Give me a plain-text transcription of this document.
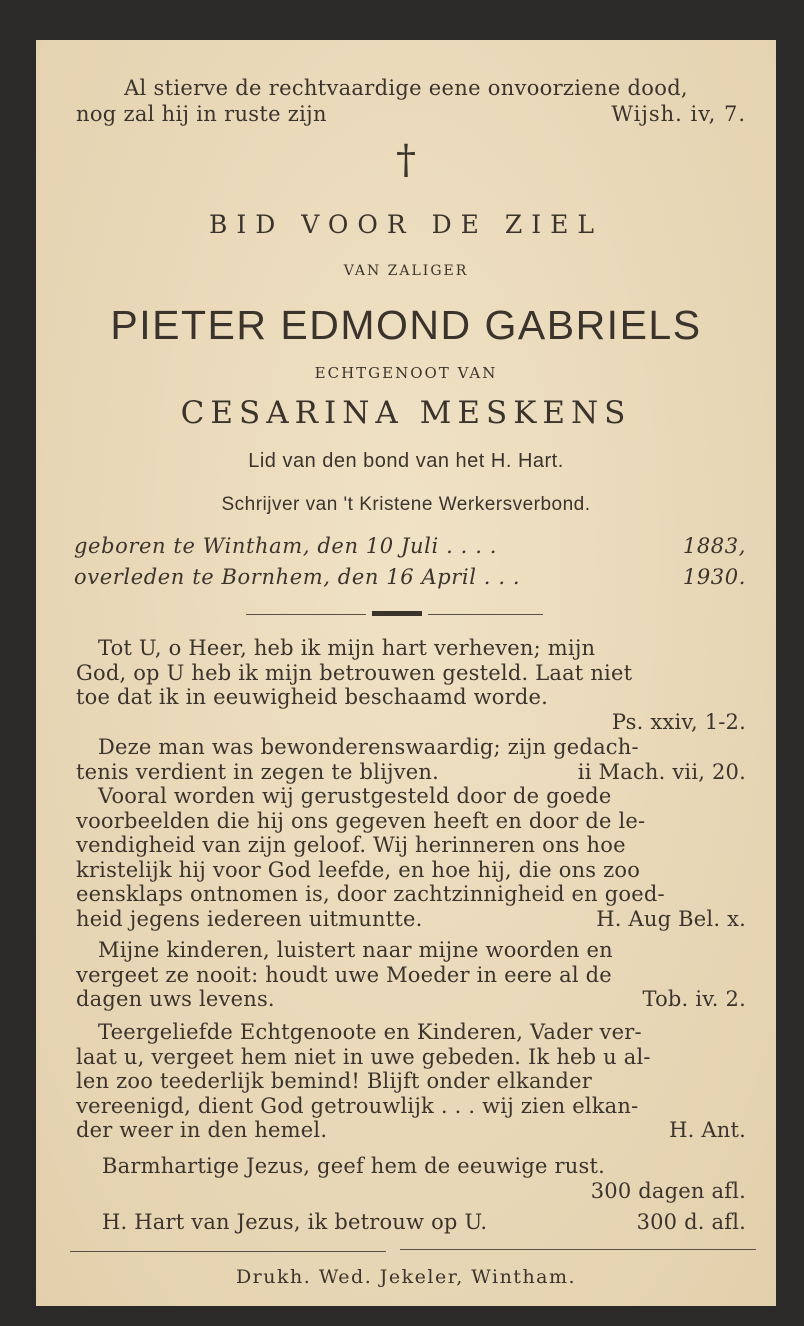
Al stierve de rechtvaardige eene onvoorziene dood,
nog zal hij in ruste zijn	Wijsh. iv, 7.
†
BID VOOR DE ZIEL
VAN ZALIGER
PIETER EDMOND GABRIELS
ECHTGENOOT VAN
CESARINA MESKENS
Lid van den bond van het H. Hart.
Schrijver van 't Kristene Werkersverbond.
geboren te Wintham, den 10 Juli . . . .	1883,
overleden te Bornhem, den 16 April . . .	1930.
Tot U, o Heer, heb ik mijn hart verheven; mijn
God, op U heb ik mijn betrouwen gesteld. Laat niet
toe dat ik in eeuwigheid beschaamd worde.
Ps. xxiv, 1-2.
Deze man was bewonderenswaardig; zijn gedach-
tenis verdient in zegen te blijven.	ii Mach. vii, 20.
Vooral worden wij gerustgesteld door de goede
voorbeelden die hij ons gegeven heeft en door de le-
vendigheid van zijn geloof. Wij herinneren ons hoe
kristelijk hij voor God leefde, en hoe hij, die ons zoo
eensklaps ontnomen is, door zachtzinnigheid en goed-
heid jegens iedereen uitmuntte.	H. Aug Bel. x.
Mijne kinderen, luistert naar mijne woorden en
vergeet ze nooit: houdt uwe Moeder in eere al de
dagen uws levens.	Tob. iv. 2.
Teergeliefde Echtgenoote en Kinderen, Vader ver-
laat u, vergeet hem niet in uwe gebeden. Ik heb u al-
len zoo teederlijk bemind! Blijft onder elkander
vereenigd, dient God getrouwlijk . . . wij zien elkan-
der weer in den hemel.	H. Ant.
Barmhartige Jezus, geef hem de eeuwige rust.
300 dagen afl.
H. Hart van Jezus, ik betrouw op U.	300 d. afl.
Drukh. Wed. Jekeler, Wintham.
